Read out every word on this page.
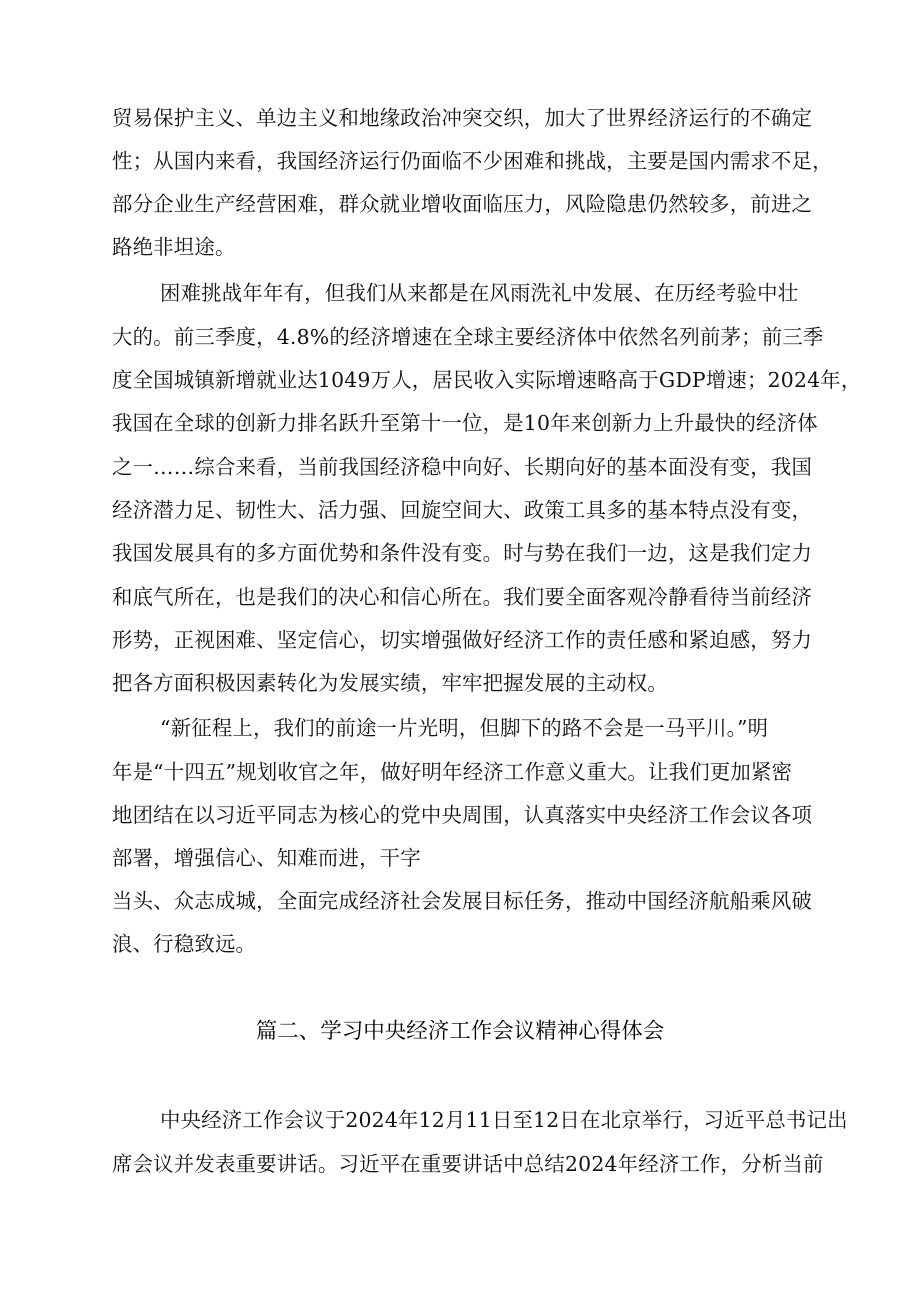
贸易保护主义、单边主义和地缘政治冲突交织，加大了世界经济运行的不确定
性；从国内来看，我国经济运行仍面临不少困难和挑战，主要是国内需求不足，
部分企业生产经营困难，群众就业增收面临压力，风险隐患仍然较多，前进之
路绝非坦途。
困难挑战年年有，但我们从来都是在风雨洗礼中发展、在历经考验中壮
大的。前三季度，4.8%的经济增速在全球主要经济体中依然名列前茅；前三季
度全国城镇新增就业达1049万人，居民收入实际增速略高于GDP增速；2024年，
我国在全球的创新力排名跃升至第十一位，是10年来创新力上升最快的经济体
之一……综合来看，当前我国经济稳中向好、长期向好的基本面没有变，我国
经济潜力足、韧性大、活力强、回旋空间大、政策工具多的基本特点没有变，
我国发展具有的多方面优势和条件没有变。时与势在我们一边，这是我们定力
和底气所在，也是我们的决心和信心所在。我们要全面客观冷静看待当前经济
形势，正视困难、坚定信心，切实增强做好经济工作的责任感和紧迫感，努力
把各方面积极因素转化为发展实绩，牢牢把握发展的主动权。
“新征程上，我们的前途一片光明，但脚下的路不会是一马平川。”明
年是“十四五”规划收官之年，做好明年经济工作意义重大。让我们更加紧密
地团结在以习近平同志为核心的党中央周围，认真落实中央经济工作会议各项
部署，增强信心、知难而进，干字
当头、众志成城，全面完成经济社会发展目标任务，推动中国经济航船乘风破
浪、行稳致远。
篇二、学习中央经济工作会议精神心得体会
中央经济工作会议于2024年12月11日至12日在北京举行，习近平总书记出
席会议并发表重要讲话。习近平在重要讲话中总结2024年经济工作，分析当前
